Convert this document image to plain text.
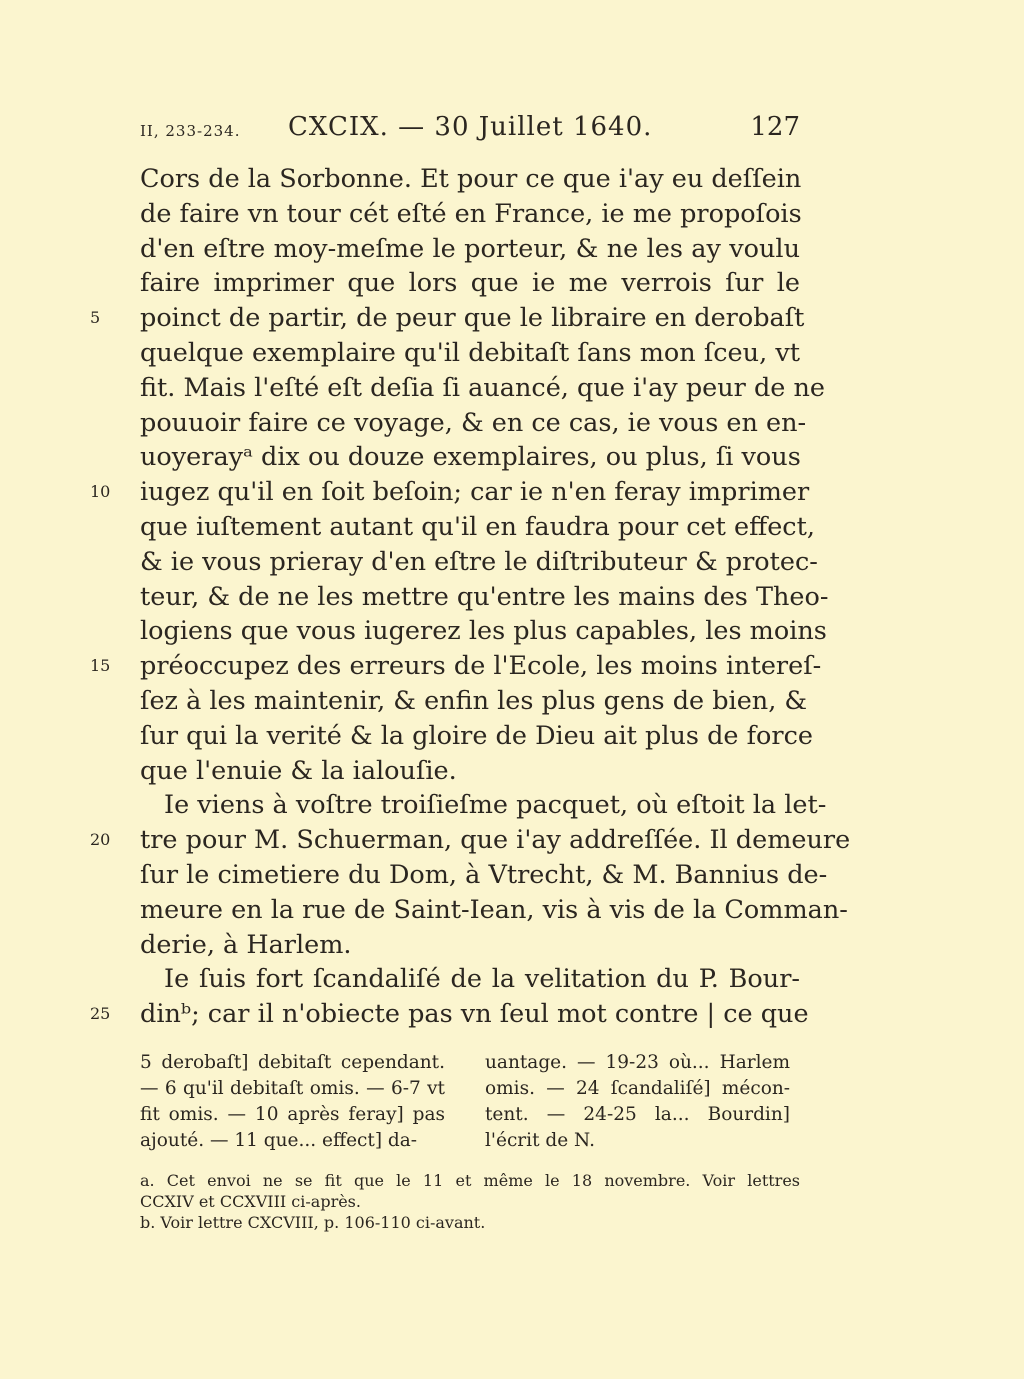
II, 233-234. CXCIX. — 30 Juillet 1640.	127
Cors de la Sorbonne. Et pour ce que i'ay eu deſſein
de faire vn tour cét eſté en France, ie me propoſois
d'en eſtre moy-meſme le porteur, & ne les ay voulu
faire imprimer que lors que ie me verrois ſur le
poinct de partir, de peur que le libraire en derobaſt
5
quelque exemplaire qu'il debitaſt ſans mon ſceu, vt
fit. Mais l'eſté eſt deſia ſi auancé, que i'ay peur de ne
pouuoir faire ce voyage, & en ce cas, ie vous en en-
uoyerayᵃ dix ou douze exemplaires, ou plus, ſi vous
iugez qu'il en ſoit beſoin; car ie n'en feray imprimer
10
que iuſtement autant qu'il en faudra pour cet effect,
& ie vous prieray d'en eſtre le diſtributeur & protec-
teur, & de ne les mettre qu'entre les mains des Theo-
logiens que vous iugerez les plus capables, les moins
préoccupez des erreurs de l'Ecole, les moins intereſ-
15
ſez à les maintenir, & enfin les plus gens de bien, &
ſur qui la verité & la gloire de Dieu ait plus de force
que l'enuie & la ialouſie.
Ie viens à voſtre troiſieſme pacquet, où eſtoit la let-
tre pour M. Schuerman, que i'ay addreſſée. Il demeure
20
ſur le cimetiere du Dom, à Vtrecht, & M. Bannius de-
meure en la rue de Saint-Iean, vis à vis de la Comman-
derie, à Harlem.
Ie ſuis fort ſcandaliſé de la velitation du P. Bour-
dinᵇ; car il n'obiecte pas vn ſeul mot contre | ce que
25
5 derobaſt] debitaſt cependant.
— 6 qu'il debitaſt omis. — 6-7 vt
fit omis. — 10 après feray] pas
ajouté. — 11 que... effect] da-
uantage. — 19-23 où... Harlem
omis. — 24 ſcandaliſé] mécon-
tent. — 24-25 la... Bourdin]
l'écrit de N.
a. Cet envoi ne se fit que le 11 et même le 18 novembre. Voir lettres
CCXIV et CCXVIII ci-après.
b. Voir lettre CXCVIII, p. 106-110 ci-avant.
